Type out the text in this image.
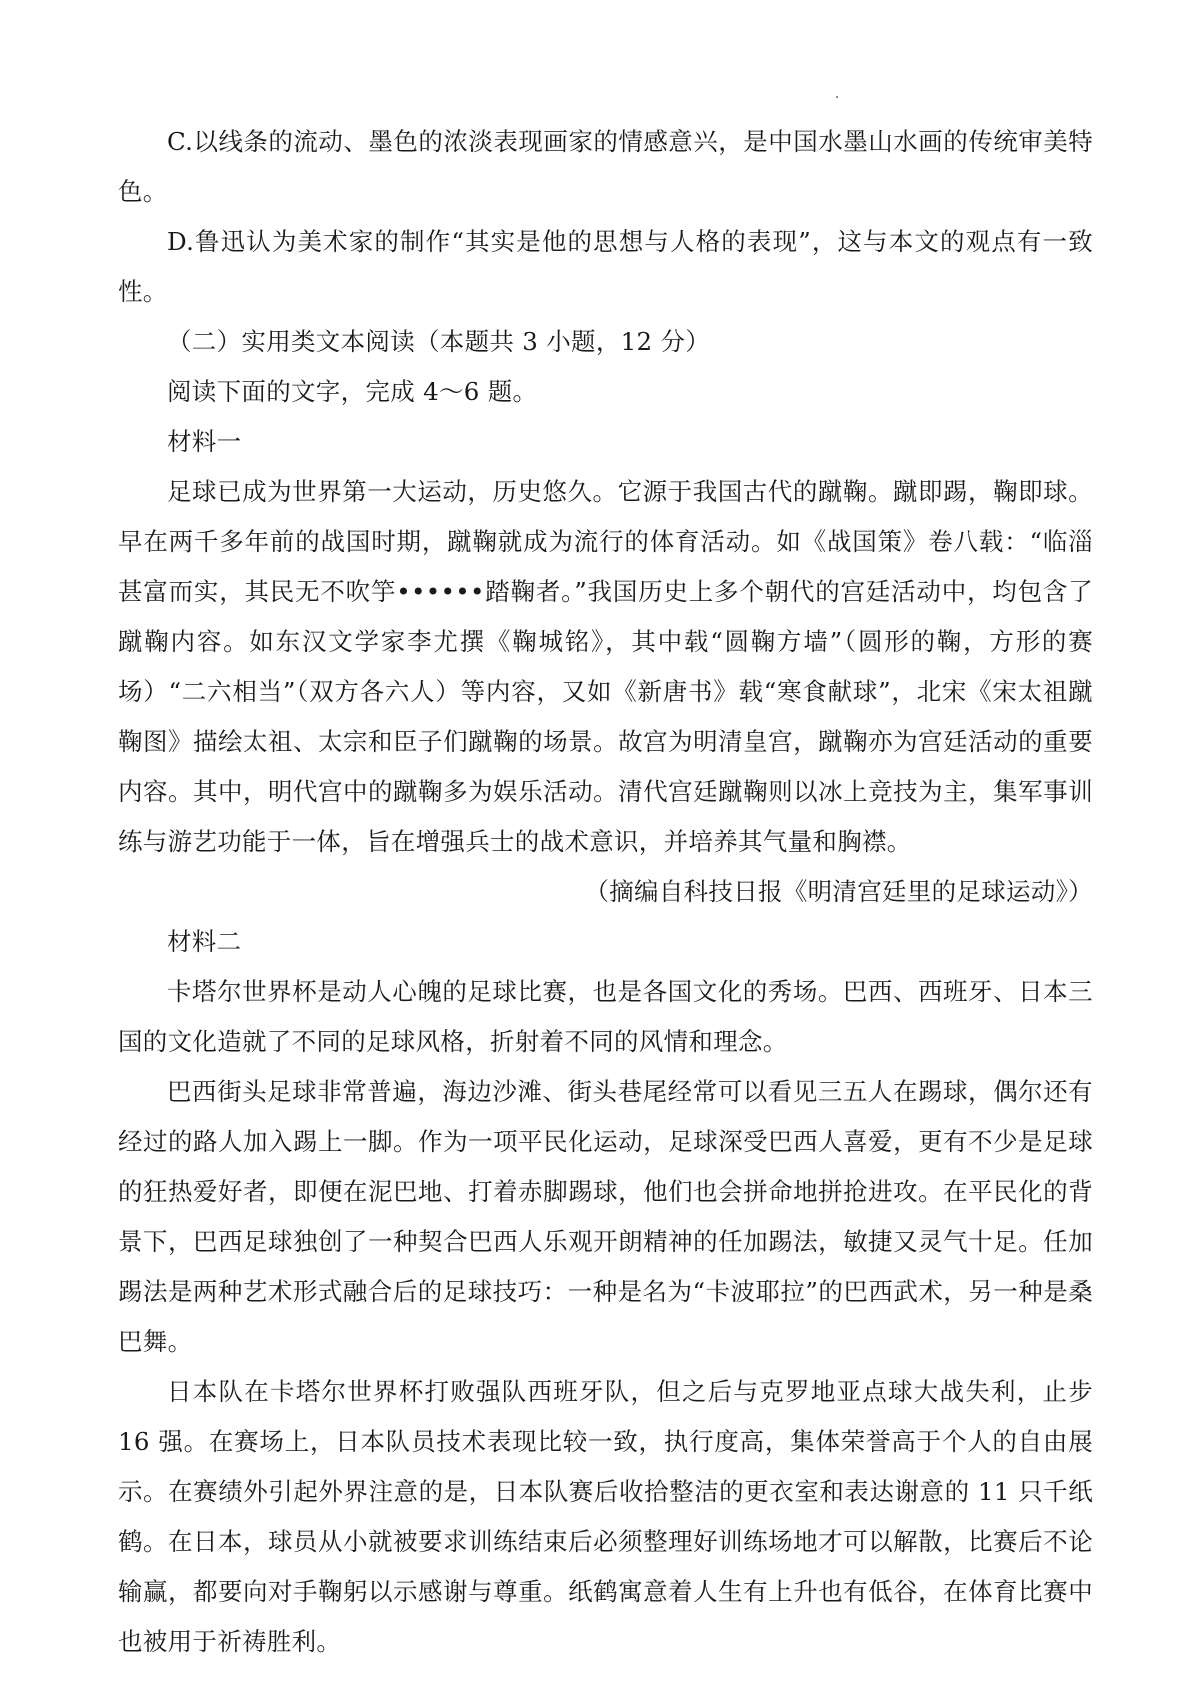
C.以线条的流动、墨色的浓淡表现画家的情感意兴，是中国水墨山水画的传统审美特色。

D.鲁迅认为美术家的制作“其实是他的思想与人格的表现”，这与本文的观点有一致性。

（二）实用类文本阅读（本题共 3 小题，12 分）

阅读下面的文字，完成 4～6 题。

材料一

足球已成为世界第一大运动，历史悠久。它源于我国古代的蹴鞠。蹴即踢，鞠即球。早在两千多年前的战国时期，蹴鞠就成为流行的体育活动。如《战国策》卷八载：“临淄甚富而实，其民无不吹竽••••••踏鞠者。”我国历史上多个朝代的宫廷活动中，均包含了蹴鞠内容。如东汉文学家李尤撰《鞠城铭》，其中载“圆鞠方墙”（圆形的鞠，方形的赛场）“二六相当”（双方各六人）等内容，又如《新唐书》载“寒食献球”，北宋《宋太祖蹴鞠图》描绘太祖、太宗和臣子们蹴鞠的场景。故宫为明清皇宫，蹴鞠亦为宫廷活动的重要内容。其中，明代宫中的蹴鞠多为娱乐活动。清代宫廷蹴鞠则以冰上竞技为主，集军事训练与游艺功能于一体，旨在增强兵士的战术意识，并培养其气量和胸襟。

（摘编自科技日报《明清宫廷里的足球运动》）

材料二

卡塔尔世界杯是动人心魄的足球比赛，也是各国文化的秀场。巴西、西班牙、日本三国的文化造就了不同的足球风格，折射着不同的风情和理念。

巴西街头足球非常普遍，海边沙滩、街头巷尾经常可以看见三五人在踢球，偶尔还有经过的路人加入踢上一脚。作为一项平民化运动，足球深受巴西人喜爱，更有不少是足球的狂热爱好者，即便在泥巴地、打着赤脚踢球，他们也会拼命地拼抢进攻。在平民化的背景下，巴西足球独创了一种契合巴西人乐观开朗精神的任加踢法，敏捷又灵气十足。任加踢法是两种艺术形式融合后的足球技巧：一种是名为“卡波耶拉”的巴西武术，另一种是桑巴舞。

日本队在卡塔尔世界杯打败强队西班牙队，但之后与克罗地亚点球大战失利，止步 16 强。在赛场上，日本队员技术表现比较一致，执行度高，集体荣誉高于个人的自由展示。在赛绩外引起外界注意的是，日本队赛后收拾整洁的更衣室和表达谢意的 11 只千纸鹤。在日本，球员从小就被要求训练结束后必须整理好训练场地才可以解散，比赛后不论输赢，都要向对手鞠躬以示感谢与尊重。纸鹤寓意着人生有上升也有低谷，在体育比赛中也被用于祈祷胜利。
